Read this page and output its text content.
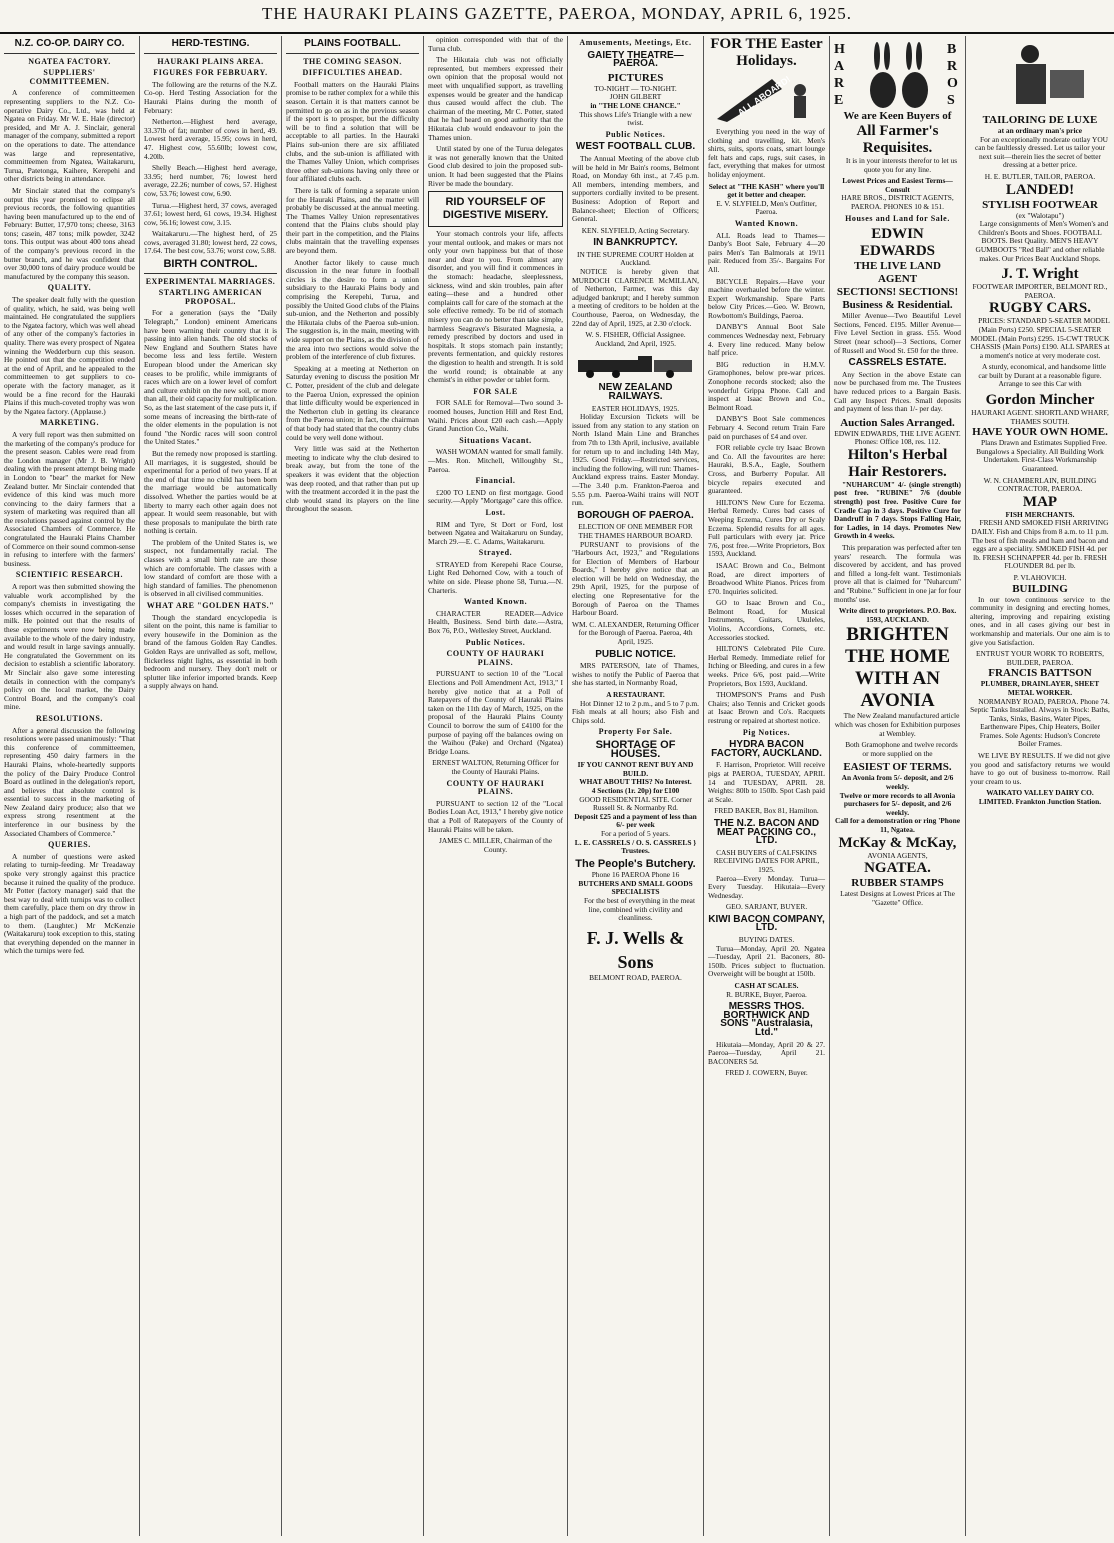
THE HAURAKI PLAINS GAZETTE, PAEROA, MONDAY, APRIL 6, 1925.
N.Z. CO-OP. DAIRY CO.
NGATEA FACTORY.
SUPPLIERS' COMMITTEEMEN.

A conference of committeemen representing suppliers to the N.Z. Co-operative Dairy Co., Ltd., was held at Ngatea on Friday. Mr W. E. Hale (director) presided, and Mr A. J. Sinclair, general manager of the company, submitted a report on the operations to date. The attendance was large and representative, committeemen from Ngatea, Waitakaruru, Turua, Patetonga, Kaihere, Kerepehi and other districts being in attendance.

Mr Sinclair stated that the company's output this year promised to eclipse all previous records, the following quantities having been manufactured up to the end of February: Butter, 17,970 tons; cheese, 3163 tons; casein, 487 tons; milk powder, 3242 tons. This output was about 400 tons ahead of the company's previous record in the butter branch, and he was confident that over 30,000 tons of dairy produce would be manufactured by the company this season.

QUALITY.

The speaker dealt fully with the question of quality, which, he said, was being well maintained. He congratulated the suppliers to the Ngatea factory, which was well ahead of any other of the company's factories in quality. There was every prospect of Ngatea winning the Wedderburn cup this season. He pointed out that the competition ended at the end of April, and he appealed to the committeemen to get suppliers to co-operate with the factory manager, as it would be a fine record for the Hauraki Plains if this much-coveted trophy was won by the Ngatea factory. (Applause.)

MARKETING.

A very full report was then submitted on the marketing of the company's produce for the present season. Cables were read from the London manager (Mr J. B. Wright) dealing with the present attempt being made in London to "bear" the market for New Zealand butter. Mr Sinclair contended that evidence of this kind was much more convincing to the dairy farmers that a system of marketing was required than all the resolutions passed against control by the Associated Chambers of Commerce. He congratulated the Hauraki Plains Chamber of Commerce on their sound common-sense in refusing to interfere with the farmers' business.

SCIENTIFIC RESEARCH.

A report was then submitted showing the valuable work accomplished by the company's chemists in investigating the losses which occurred in the separation of milk. He pointed out that the results of these experiments were now being made available to the whole of the dairy industry, and would result in large savings annually. He congratulated the Government on its decision to establish a scientific laboratory. Mr Sinclair also gave some interesting details in connection with the company's policy on the local market, the Dairy Control Board, and the company's coal mine.

RESOLUTIONS.

After a general discussion the following resolutions were passed unanimously: "That this conference of committeemen, representing 450 dairy farmers in the Hauraki Plains, whole-heartedly supports the policy of the Dairy Produce Control Board as outlined in the delegation's report, and believes that absolute control is essential to success in the marketing of New Zealand dairy produce; also that we express strong resentment at the interference in our business by the Associated Chambers of Commerce."

QUERIES.

A number of questions were asked relating to turnip-feeding. Mr Treadaway spoke very strongly against this practice because it ruined the quality of the produce. Mr Potter (factory manager) said that the best way to deal with turnips was to collect them carefully, place them on dry throw in a high part of the paddock, and set a match to them. (Laughter.) Mr McKenzie (Waitakaruru) took exception to this, stating that everything depended on the manner in which the turnips were fed.

HERD-TESTING.
HAURAKI PLAINS AREA.
FIGURES FOR FEBRUARY.

The following are the returns of the N.Z. Co-op. Herd Testing Association for the Hauraki Plains during the month of February:

Netherton.—Highest herd average, 33.37lb of fat; number of cows in herd, 49. Lowest herd average, 15.95; cows in herd, 47. Highest cow, 55.60lb; lowest cow, 4.20lb.

Shelly Beach.—Highest herd average, 33.95; herd number, 76; lowest herd average, 22.26; number of cows, 57. Highest cow, 53.76; lowest cow, 6.90.

Turua.—Highest herd, 37 cows, averaged 37.61; lowest herd, 61 cows, 19.34. Highest cow, 56.16; lowest cow, 3.15.

Waitakaruru.—The highest herd, of 25 cows, averaged 31.80; lowest herd, 22 cows, 17.64. The best cow, 53.76; worst cow, 5.88.

BIRTH CONTROL.
EXPERIMENTAL MARRIAGES.
STARTLING AMERICAN PROPOSAL.

For a generation (says the "Daily Telegraph," London) eminent Americans have been warning their country that it is passing into alien hands. The old stocks of New England and Southern States have become less and less fertile. Western European blood under the American sky ceases to be prolific, while immigrants of races which are on a lower level of comfort and culture exhibit on the new soil, or more than all, their old capacity for multiplication. So, as the last statement of the case puts it, if some means of increasing the birth-rate of the older elements in the population is not found "the Nordic races will soon control the United States."

But the remedy now proposed is startling. All marriages, it is suggested, should be experimental for a period of two years. If at the end of that time no child has been born the marriage would be automatically dissolved. Whether the parties would be at liberty to marry each other again does not appear. It would seem reasonable, but with these proposals to manipulate the birth rate nothing is certain.

The problem of the United States is, we suspect, not fundamentally racial. The classes with a small birth rate are those which are comfortable. The classes with a low standard of comfort are those with a high standard of families. The phenomenon is observed in all civilised communities.

WHAT ARE "GOLDEN HATS."

Though the standard encyclopedia is silent on the point, this name is familiar to every housewife in the Dominion as the brand of the famous Golden Ray Candles. Golden Rays are unrivalled as soft, mellow, flickerless night lights, as essential in both bedroom and nursery. They don't melt or splutter like inferior imported brands. Keep a supply always on hand.

PLAINS FOOTBALL.
THE COMING SEASON.
DIFFICULTIES AHEAD.

Football matters on the Hauraki Plains promise to be rather complex for a while this season. Certain it is that matters cannot be permitted to go on as in the previous season if the sport is to prosper, but the difficulty will be to find a solution that will be acceptable to all parties. In the Hauraki Plains sub-union there are six affiliated clubs, and the sub-union is affiliated with the Thames Valley Union, which comprises three other sub-unions having only three or four affiliated clubs each.

There is talk of forming a separate union for the Hauraki Plains, and the matter will probably be discussed at the annual meeting. The Thames Valley Union representatives contend that the Plains clubs should play their part in the competition, and the Plains clubs maintain that the travelling expenses are beyond them.

Another factor likely to cause much discussion in the near future in football circles is the desire to form a union subsidiary to the Hauraki Plains body and comprising the Kerepehi, Turua, and possibly the United Good clubs of the Plains sub-union, and the Netherton and possibly the Hikutaia clubs of the Paeroa sub-union. The suggestion is, in the main, meeting with wide support on the Plains, as the division of the area into two sections would solve the problem of the interference of club fixtures.

Speaking at a meeting at Netherton on Saturday evening to discuss the position Mr C. Potter, president of the club and delegate to the Paeroa Union, expressed the opinion that little difficulty would be experienced in the Netherton club in getting its clearance from the Paeroa union; in fact, the chairman of that body had stated that the country clubs could be very well done without.

Very little was said at the Netherton meeting to indicate why the club desired to break away, but from the tone of the speakers it was evident that the objection was deep rooted, and that rather than put up with the treatment accorded it in the past the club would stand its players on the line throughout the season.

opinion corresponded with that of the Turua club.

The Hikutaia club was not officially represented, but members expressed their own opinion that the proposal would not meet with unqualified support, as travelling expenses would be greater and the handicap thus caused would affect the club. The chairman of the meeting, Mr C. Potter, stated that he had heard on good authority that the Hikutaia club would endeavour to join the Thames union.

Until stated by one of the Turua delegates it was not generally known that the United Good club desired to join the proposed sub-union. It had been suggested that the Plains River be made the boundary.

RID YOURSELF OF DIGESTIVE MISERY.

Your stomach controls your life, affects your mental outlook, and makes or mars not only your own happiness but that of those near and dear to you. From almost any disorder, and you will find it commences in the stomach: headache, sleeplessness, sickness, wind and skin troubles, pain after eating—these and a hundred other complaints call for care of the stomach at the sole effective remedy. To be rid of stomach misery you can do no better than take simple, harmless Seagrave's Bisurated Magnesia, a remedy prescribed by doctors and used in hospitals. It stops stomach pain instantly; prevents fermentation, and quickly restores the digestion to health and strength. It is sold the world round; is obtainable at any chemist's in either powder or tablet form.

FOR SALE

FOR SALE for Removal—Two sound 3-roomed houses, Junction Hill and Rest End, Waihi. Prices about £20 each cash.—Apply Grand Junction Co., Waihi.

Situations Vacant.

WASH WOMAN wanted for small family.—Mrs. Ron. Mitchell, Willoughby St., Paeroa.

Financial.

£200 TO LEND on first mortgage. Good security.—Apply "Mortgage" care this office.

Lost.

RIM and Tyre, St Dort or Ford, lost between Ngatea and Waitakaruru on Sunday, March 29.—E. C. Adams, Waitakaruru.

Strayed.

STRAYED from Kerepehi Race Course, Light Red Dehorned Cow, with a touch of white on side. Please phone 58, Turua.—N. Charteris.

Wanted Known.

CHARACTER READER—Advice Health, Business. Send birth date.—Astra, Box 76, P.O., Wellesley Street, Auckland.

Public Notices.
COUNTY OF HAURAKI PLAINS.

PURSUANT to section 10 of the "Local Elections and Poll Amendment Act, 1913," I hereby give notice that at a Poll of Ratepayers of the County of Hauraki Plains taken on the 11th day of March, 1925, on the proposal of the Hauraki Plains County Council to borrow the sum of £4100 for the purpose of paying off the balances owing on the Waihou (Pake) and Orchard (Ngatea) Bridge Loans.

ERNEST WALTON, Returning Officer for the County of Hauraki Plains.
COUNTY OF HAURAKI PLAINS.

PURSUANT to section 12 of the "Local Bodies Loan Act, 1913," I hereby give notice that a Poll of Ratepayers of the County of Hauraki Plains will be taken.

JAMES C. MILLER, Chairman of the County.
Amusements, Meetings, Etc.
GAIETY THEATRE—PAEROA.
PICTURES
TO-NIGHT — TO-NIGHT.
JOHN GILBERT
in "THE LONE CHANCE."
This shows Life's Triangle with a new twist.
Public Notices.
WEST FOOTBALL CLUB.

The Annual Meeting of the above club will be held in Mr Bain's rooms, Belmont Road, on Monday 6th inst., at 7.45 p.m. All members, intending members, and supporters cordially invited to be present. Business: Adoption of Report and Balance-sheet; Election of Officers; General.

KEN. SLYFIELD, Acting Secretary.
IN BANKRUPTCY.
IN THE SUPREME COURT Holden at Auckland.

NOTICE is hereby given that MURDOCH CLARENCE McMILLAN, of Netherton, Farmer, was this day adjudged bankrupt; and I hereby summon a meeting of creditors to be holden at the Courthouse, Paeroa, on Wednesday, the 22nd day of April, 1925, at 2.30 o'clock.

W. S. FISHER, Official Assignee. Auckland, 2nd April, 1925.
NEW ZEALAND RAILWAYS.
EASTER HOLIDAYS, 1925.

Holiday Excursion Tickets will be issued from any station to any station on North Island Main Line and Branches from 7th to 13th April, inclusive, available for return up to and including 14th May, 1925. Good Friday.—Restricted services, including the following, will run: Thames-Auckland express trains. Easter Monday.—The 3.40 p.m. Frankton-Paeroa and 5.55 p.m. Paeroa-Waihi trains will NOT run.

BOROUGH OF PAEROA.
ELECTION OF ONE MEMBER FOR THE THAMES HARBOUR BOARD.

PURSUANT to provisions of the "Harbours Act, 1923," and "Regulations for Election of Members of Harbour Boards," I hereby give notice that an election will be held on Wednesday, the 29th April, 1925, for the purpose of electing one Representative for the Borough of Paeroa on the Thames Harbour Board.

WM. C. ALEXANDER, Returning Officer for the Borough of Paeroa. Paeroa, 4th April, 1925.
PUBLIC NOTICE.

MRS PATERSON, late of Thames, wishes to notify the Public of Paeroa that she has started, in Normanby Road,

A RESTAURANT.

Hot Dinner 12 to 2 p.m., and 5 to 7 p.m. Fish meals at all hours; also Fish and Chips sold.

Property For Sale.
SHORTAGE OF HOUSES.
IF YOU CANNOT RENT BUY AND BUILD.
WHAT ABOUT THIS? No Interest.
4 Sections (1r. 20p) for £100
GOOD RESIDENTIAL SITE. Corner Russell St. & Normanby Rd.
Deposit £25 and a payment of less than 6/- per week
For a period of 5 years.
L. E. CASSRELS / O. S. CASSRELS } Trustees.
The People's Butchery.
Phone 16 PAEROA Phone 16
BUTCHERS AND SMALL GOODS SPECIALISTS

For the best of everything in the meat line, combined with civility and cleanliness.

F. J. Wells & Sons
BELMONT ROAD, PAEROA.
FOR THE Easter Holidays.
ALL ABOARD!

Everything you need in the way of clothing and travelling, kit. Men's shirts, suits, sports coats, smart lounge felt hats and caps, rugs, suit cases, in fact, everything that makes for utmost holiday enjoyment.

Select at "THE KASH" where you'll get it better and cheaper.
E. V. SLYFIELD, Men's Outfitter, Paeroa.
Wanted Known.

ALL Roads lead to Thames—Danby's Boot Sale, February 4—20 pairs Men's Tan Balmorals at 19/11 pair. Reduced from 35/-. Bargains For All.

BICYCLE Repairs.—Have your machine overhauled before the winter. Expert Workmanship. Spare Parts below City Prices.—Geo. W. Brown, Rowbottom's Buildings, Paeroa.

DANBY'S Annual Boot Sale commences Wednesday next, February 4. Every line reduced. Many below half price.

BIG reduction in H.M.V. Gramophones, below pre-war prices. Zonophone records stocked; also the wonderful Grippa Phone. Call and inspect at Isaac Brown and Co., Belmont Road.

DANBY'S Boot Sale commences February 4. Second return Train Fare paid on purchases of £4 and over.

FOR reliable cycle try Isaac Brown and Co. All the favourites are here: Hauraki, B.S.A., Eagle, Southern Cross, and Burberry Popular. All bicycle repairs executed and guaranteed.

HILTON'S New Cure for Eczema. Herbal Remedy. Cures bad cases of Weeping Eczema, Cures Dry or Scaly Eczema. Splendid results for all ages. Full particulars with every jar. Price 7/6, post free.—Write Proprietors, Box 1593, Auckland.

ISAAC Brown and Co., Belmont Road, are direct importers of Broadwood White Pianos. Prices from £70. Inquiries solicited.

GO to Isaac Brown and Co., Belmont Road, for Musical Instruments, Guitars, Ukuleles, Violins, Accordions, Cornets, etc. Accessories stocked.

HILTON'S Celebrated Pile Cure. Herbal Remedy. Immediate relief for Itching or Bleeding, and cures in a few weeks. Price 6/6, post paid.—Write Proprietors, Box 1593, Auckland.

THOMPSON'S Prams and Push Chairs; also Tennis and Cricket goods at Isaac Brown and Co's. Racquets restrung or repaired at shortest notice.

Pig Notices.
HYDRA BACON FACTORY, AUCKLAND.

F. Harrison, Proprietor. Will receive pigs at PAEROA, TUESDAY, APRIL 14 and TUESDAY, APRIL 28. Weights: 80lb to 150lb. Spot Cash paid at Scale.

FRED BAKER, Box 81, Hamilton.
THE N.Z. BACON AND MEAT PACKING CO., LTD.
CASH BUYERS of CALFSKINS
RECEIVING DATES FOR APRIL, 1925.

Paeroa—Every Monday. Turua—Every Tuesday. Hikutaia—Every Wednesday.

GEO. SARJANT, BUYER.
KIWI BACON COMPANY, LTD.
BUYING DATES.

Turua—Monday, April 20. Ngatea—Tuesday, April 21. Baconers, 80-150lb. Prices subject to fluctuation. Overweight will be bought at 150lb.

CASH AT SCALES.
R. BURKE, Buyer, Paeroa.
MESSRS THOS. BORTHWICK AND SONS "Australasia, Ltd."

Hikutaia—Monday, April 20 & 27. Paeroa—Tuesday, April 21. BACONERS 5d.

FRED J. COWERN, Buyer.
HARE
BROS
We are Keen Buyers of
All Farmer's Requisites.

It is in your interests therefor to let us quote you for any line.

Lowest Prices and Easiest Terms—Consult
HARE BROS., DISTRICT AGENTS, PAEROA. PHONES 10 & 151.
Houses and Land for Sale.
EDWIN EDWARDS
THE LIVE LAND AGENT
SECTIONS! SECTIONS! Business & Residential.

Miller Avenue—Two Beautiful Level Sections, Fenced. £195. Miller Avenue—Five Level Section in grass. £55. Wood Street (near school)—3 Sections, Corner of Russell and Wood St. £50 for the three.

CASSRELS ESTATE.

Any Section in the above Estate can now be purchased from me. The Trustees have reduced prices to a Bargain Basis. Call any Inspect Prices. Small deposits and payment of less than 1/- per day.

Auction Sales Arranged.
EDWIN EDWARDS, THE LIVE AGENT. Phones: Office 108, res. 112.
Hilton's Herbal Hair Restorers.

"NUHARCUM" 4/- (single strength) post free. "RUBINE" 7/6 (double strength) post free. Positive Cure for Cradle Cap in 3 days. Positive Cure for Dandruff in 7 days. Stops Falling Hair, for Ladies, in 14 days. Promotes New Growth in 4 weeks.

This preparation was perfected after ten years' research. The formula was discovered by accident, and has proved and filled a long-felt want. Testimonials prove all that is claimed for "Nuharcum" and "Rubine." Sufficient in one jar for four months' use.

Write direct to proprietors. P.O. Box. 1593, AUCKLAND.
BRIGHTEN THE HOME WITH AN AVONIA

The New Zealand manufactured article which was chosen for Exhibition purposes at Wembley.

Both Gramophone and twelve records or more supplied on the

EASIEST OF TERMS.
An Avonia from 5/- deposit, and 2/6 weekly.
Twelve or more records to all Avonia purchasers for 5/- deposit, and 2/6 weekly.
Call for a demonstration or ring 'Phone 11, Ngatea.
McKay & McKay,
AVONIA AGENTS,
NGATEA.
RUBBER STAMPS
Latest Designs at Lowest Prices at The "Gazette" Office.
TAILORING DE LUXE
at an ordinary man's price

For an exceptionally moderate outlay YOU can be faultlessly dressed. Let us tailor your next suit—therein lies the secret of better dressing at a better price.

H. E. BUTLER, TAILOR, PAEROA.
LANDED!
STYLISH FOOTWEAR
(ex "Walotapu")

Large consignments of Men's Women's and Children's Boots and Shoes. FOOTBALL BOOTS. Best Quality. MEN'S HEAVY GUMBOOTS "Red Ball" and other reliable makes. Our Prices Beat Auckland Shops.

J. T. Wright
FOOTWEAR IMPORTER, BELMONT RD., PAEROA.
RUGBY CARS.

PRICES: STANDARD 5-SEATER MODEL (Main Ports) £250. SPECIAL 5-SEATER MODEL (Main Ports) £295. 15-CWT TRUCK CHASSIS (Main Ports) £190. ALL SPARES at a moment's notice at very moderate cost.

A sturdy, economical, and handsome little car built by Durant at a reasonable figure. Arrange to see this Car with

Gordon Mincher
HAURAKI AGENT. SHORTLAND WHARF, THAMES SOUTH.
HAVE YOUR OWN HOME.

Plans Drawn and Estimates Supplied Free. Bungalows a Speciality. All Building Work Undertaken. First-Class Workmanship Guaranteed.

W. N. CHAMBERLAIN, BUILDING CONTRACTOR, PAEROA.
MAP
FISH MERCHANTS.

FRESH AND SMOKED FISH ARRIVING DAILY. Fish and Chips from 8 a.m. to 11 p.m. The best of fish meals and ham and bacon and eggs are a speciality. SMOKED FISH 4d. per lb. FRESH SCHNAPPER 4d. per lb. FRESH FLOUNDER 8d. per lb.

P. VLAHOVICH.
BUILDING

In our town continuous service to the community in designing and erecting homes, altering, improving and repairing existing ones, and in all cases giving our best in workmanship and materials. Our one aim is to give you Satisfaction.

ENTRUST YOUR WORK TO ROBERTS, BUILDER, PAEROA.
FRANCIS BATTSON
PLUMBER, DRAINLAYER, SHEET METAL WORKER.

NORMANBY ROAD, PAEROA. Phone 74. Septic Tanks Installed. Always in Stock: Baths, Tanks, Sinks, Basins, Water Pipes, Earthenware Pipes, Chip Heaters, Boiler Frames. Sole Agents: Hudson's Concrete Boiler Frames.

WE LIVE BY RESULTS. If we did not give you good and satisfactory returns we would have to go out of business to-morrow. Rail your cream to us.

WAIKATO VALLEY DAIRY CO. LIMITED. Frankton Junction Station.
